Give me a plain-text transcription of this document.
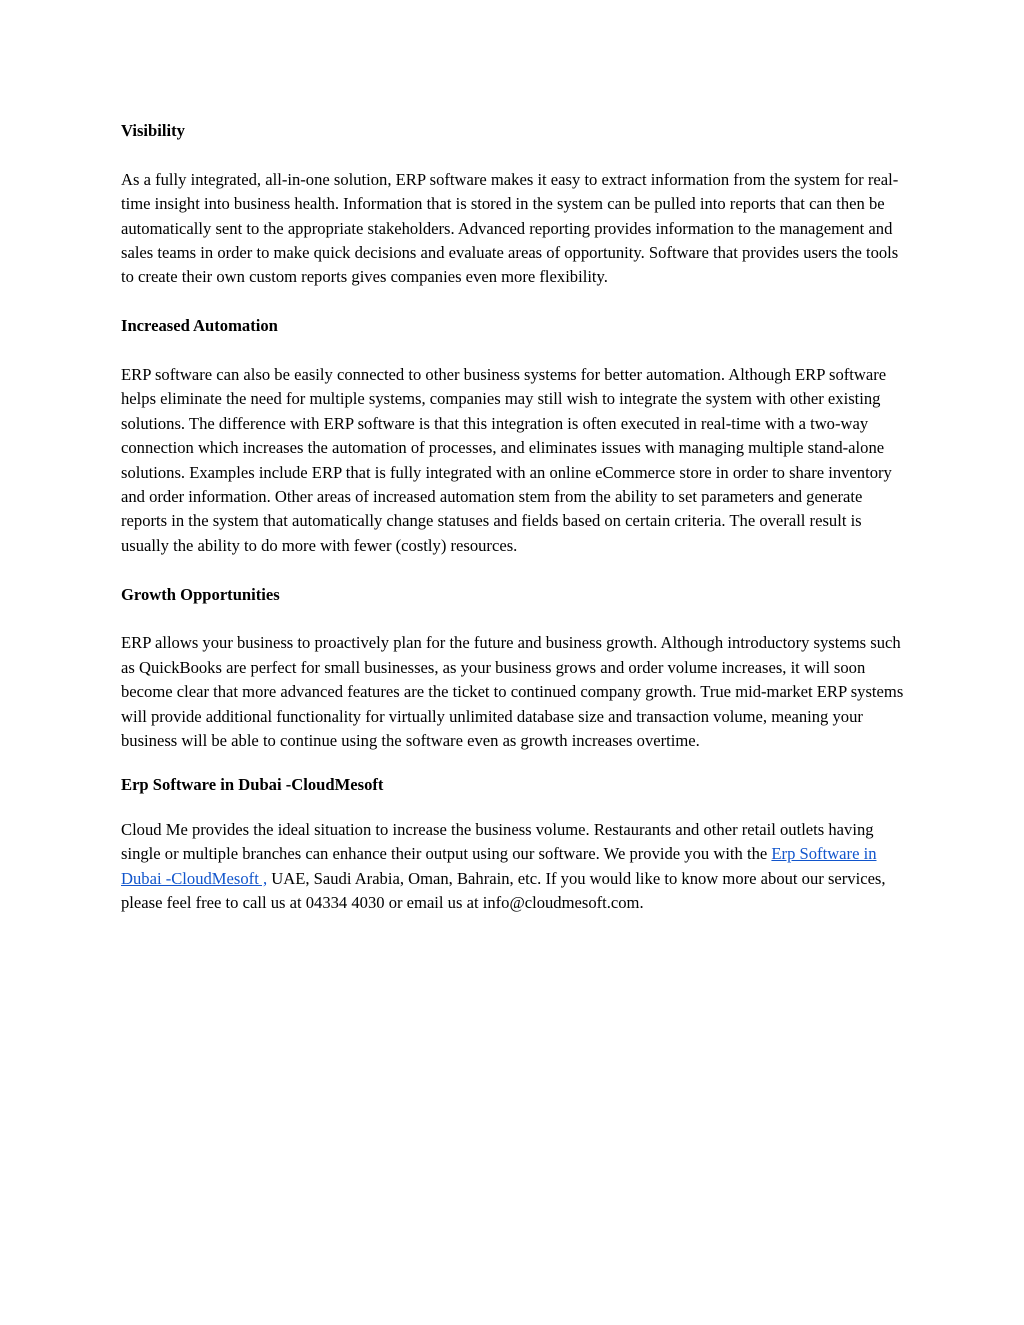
Visibility

As a fully integrated, all-in-one solution, ERP software makes it easy to extract information from the system for real-time insight into business health. Information that is stored in the system can be pulled into reports that can then be automatically sent to the appropriate stakeholders. Advanced reporting provides information to the management and sales teams in order to make quick decisions and evaluate areas of opportunity. Software that provides users the tools to create their own custom reports gives companies even more flexibility.

Increased Automation

ERP software can also be easily connected to other business systems for better automation. Although ERP software helps eliminate the need for multiple systems, companies may still wish to integrate the system with other existing solutions. The difference with ERP software is that this integration is often executed in real-time with a two-way connection which increases the automation of processes, and eliminates issues with managing multiple stand-alone solutions. Examples include ERP that is fully integrated with an online eCommerce store in order to share inventory and order information. Other areas of increased automation stem from the ability to set parameters and generate reports in the system that automatically change statuses and fields based on certain criteria. The overall result is usually the ability to do more with fewer (costly) resources.

Growth Opportunities

ERP allows your business to proactively plan for the future and business growth. Although introductory systems such as QuickBooks are perfect for small businesses, as your business grows and order volume increases, it will soon become clear that more advanced features are the ticket to continued company growth. True mid-market ERP systems will provide additional functionality for virtually unlimited database size and transaction volume, meaning your business will be able to continue using the software even as growth increases overtime.

Erp Software in Dubai -CloudMesoft

Cloud Me provides the ideal situation to increase the business volume. Restaurants and other retail outlets having single or multiple branches can enhance their output using our software. We provide you with the Erp Software in Dubai -CloudMesoft , UAE, Saudi Arabia, Oman, Bahrain, etc. If you would like to know more about our services, please feel free to call us at 04334 4030 or email us at info@cloudmesoft.com.
